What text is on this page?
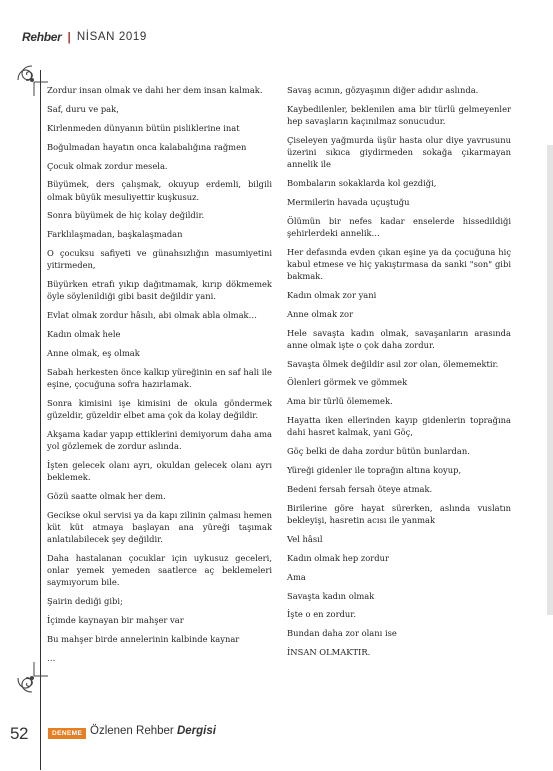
Rehber | NİSAN 2019

Zordur insan olmak ve dahi her dem insan kalmak.

Saf, duru ve pak,

Kirlenmeden dünyanın bütün pisliklerine inat

Boğulmadan hayatın onca kalabalığına rağmen

Çocuk olmak zordur mesela.

Büyümek, ders çalışmak, okuyup erdemli, bilgili olmak büyük mesuliyettir kuşkusuz.

Sonra büyümek de hiç kolay değildir.

Farklılaşmadan, başkalaşmadan

O çocuksu safiyeti ve günahsızlığın masumiyetini yitirmeden,

Büyürken etrafı yıkıp dağıtmamak, kırıp dökmemek öyle söylenildiği gibi basit değildir yani.

Evlat olmak zordur hâsılı, abi olmak abla olmak…

Kadın olmak hele

Anne olmak, eş olmak

Sabah herkesten önce kalkıp yüreğinin en saf hali ile eşine, çocuğuna sofra hazırlamak.

Sonra kimisini işe kimisini de okula göndermek güzeldir, güzeldir elbet ama çok da kolay değildir.

Akşama kadar yapıp ettiklerini demiyorum daha ama yol gözlemek de zordur aslında.

İşten gelecek olanı ayrı, okuldan gelecek olanı ayrı beklemek.

Gözü saatte olmak her dem.

Gecikse okul servisi ya da kapı zilinin çalması hemen küt küt atmaya başlayan ana yüreği taşımak anlatılabilecek şey değildir.

Daha hastalanan çocuklar için uykusuz geceleri, onlar yemek yemeden saatlerce aç beklemeleri saymıyorum bile.

Şairin dediği gibi;

İçimde kaynayan bir mahşer var

Bu mahşer birde annelerinin kalbinde kaynar

…

Savaş acının, gözyaşının diğer adıdır aslında.

Kaybedilenler, beklenilen ama bir türlü gelmeyenler hep savaşların kaçınılmaz sonucudur.

Çiseleyen yağmurda üşür hasta olur diye yavrusunu üzerini sıkıca giydirmeden sokağa çıkarmayan annelik ile

Bombaların sokaklarda kol gezdiği,

Mermilerin havada uçuştuğu

Ölümün bir nefes kadar enselerde hissedildiği şehirlerdeki annelik…

Her defasında evden çıkan eşine ya da çocuğuna hiç kabul etmese ve hiç yakıştırmasa da sanki "son" gibi bakmak.

Kadın olmak zor yani

Anne olmak zor

Hele savaşta kadın olmak, savaşanların arasında anne olmak işte o çok daha zordur.

Savaşta ölmek değildir asıl zor olan, ölememektir.

Ölenleri görmek ve gömmek

Ama bir türlü ölememek.

Hayatta iken ellerinden kayıp gidenlerin toprağına dahi hasret kalmak, yani Göç,

Göç belki de daha zordur bütün bunlardan.

Yüreği gidenler ile toprağın altına koyup,

Bedeni fersah fersah öteye atmak.

Birilerine göre hayat sürerken, aslında vuslatın bekleyişi, hasretin acısı ile yanmak

Vel hâsıl

Kadın olmak hep zordur

Ama

Savaşta kadın olmak

İşte o en zordur.

Bundan daha zor olanı ise

İNSAN OLMAKTIR.

52	DENEME Özlenen Rehber Dergisi
